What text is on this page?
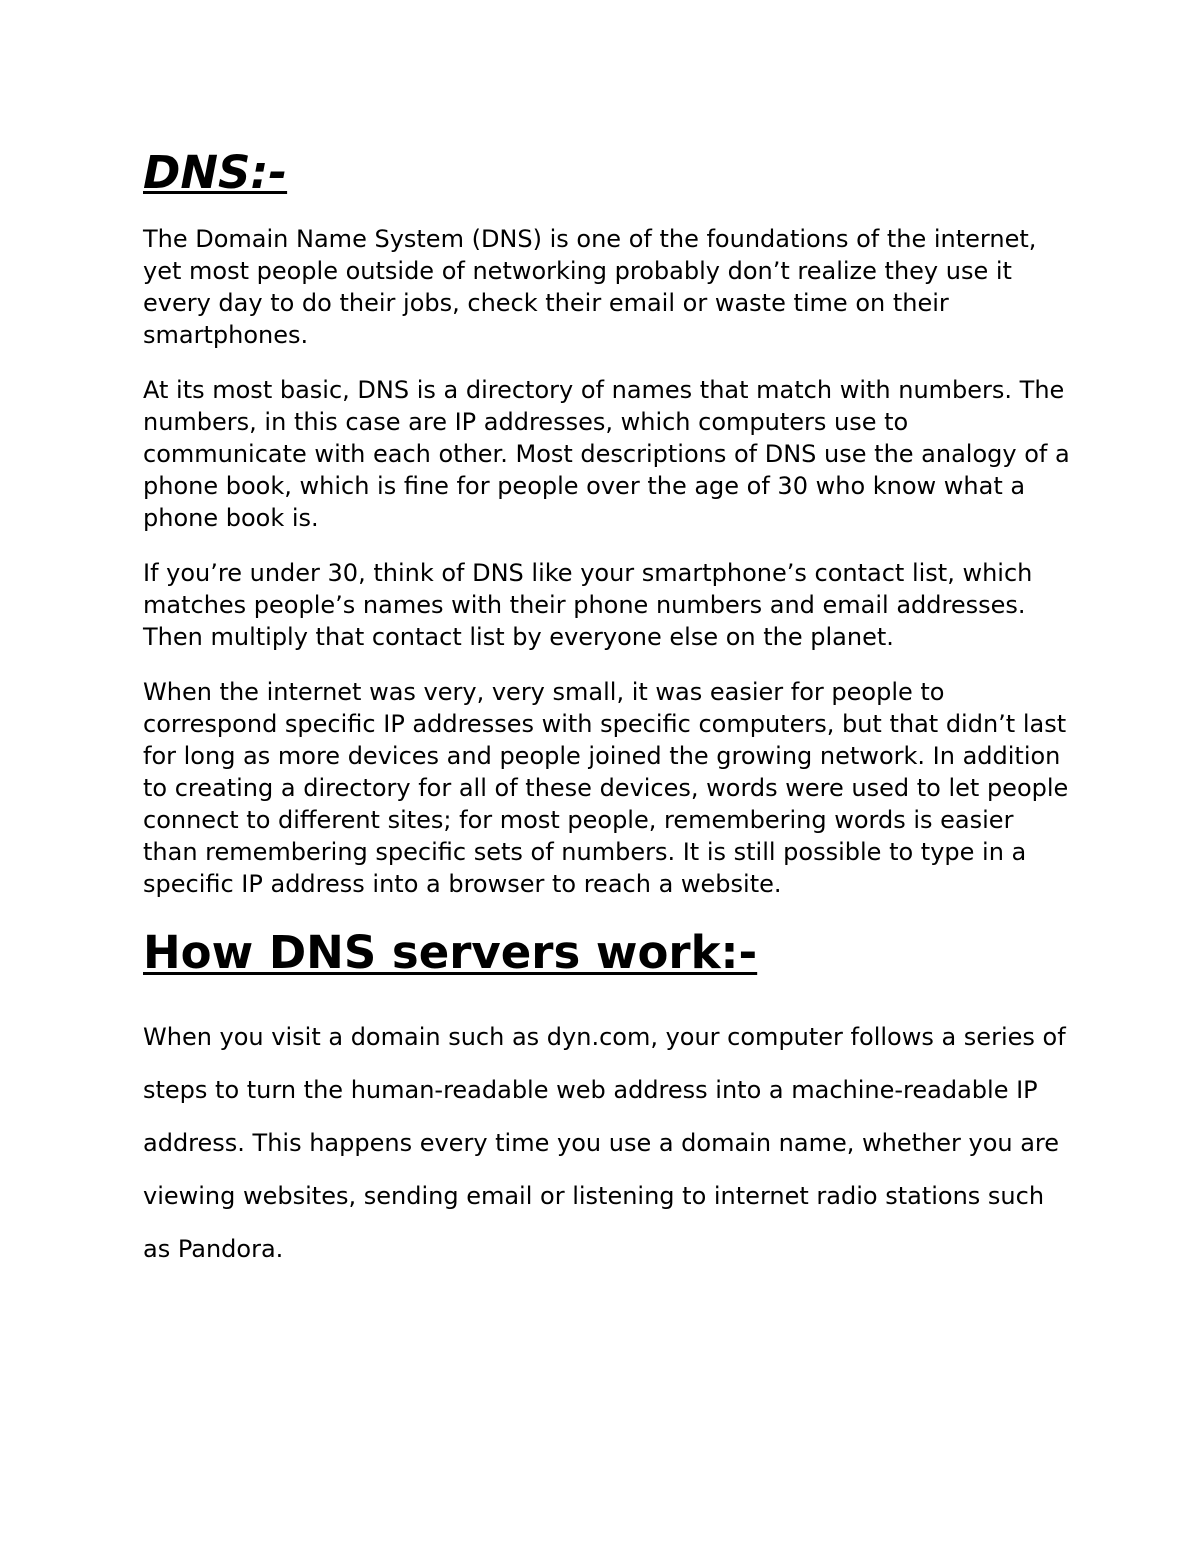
DNS:-

The Domain Name System (DNS) is one of the foundations of the internet, yet most people outside of networking probably don’t realize they use it every day to do their jobs, check their email or waste time on their smartphones.

At its most basic, DNS is a directory of names that match with numbers. The numbers, in this case are IP addresses, which computers use to communicate with each other. Most descriptions of DNS use the analogy of a phone book, which is fine for people over the age of 30 who know what a phone book is.

If you’re under 30, think of DNS like your smartphone’s contact list, which matches people’s names with their phone numbers and email addresses. Then multiply that contact list by everyone else on the planet.

When the internet was very, very small, it was easier for people to correspond specific IP addresses with specific computers, but that didn’t last for long as more devices and people joined the growing network. In addition to creating a directory for all of these devices, words were used to let people connect to different sites; for most people, remembering words is easier than remembering specific sets of numbers. It is still possible to type in a specific IP address into a browser to reach a website.

How DNS servers work:-

When you visit a domain such as dyn.com, your computer follows a series of steps to turn the human-readable web address into a machine-readable IP address. This happens every time you use a domain name, whether you are viewing websites, sending email or listening to internet radio stations such as Pandora.
